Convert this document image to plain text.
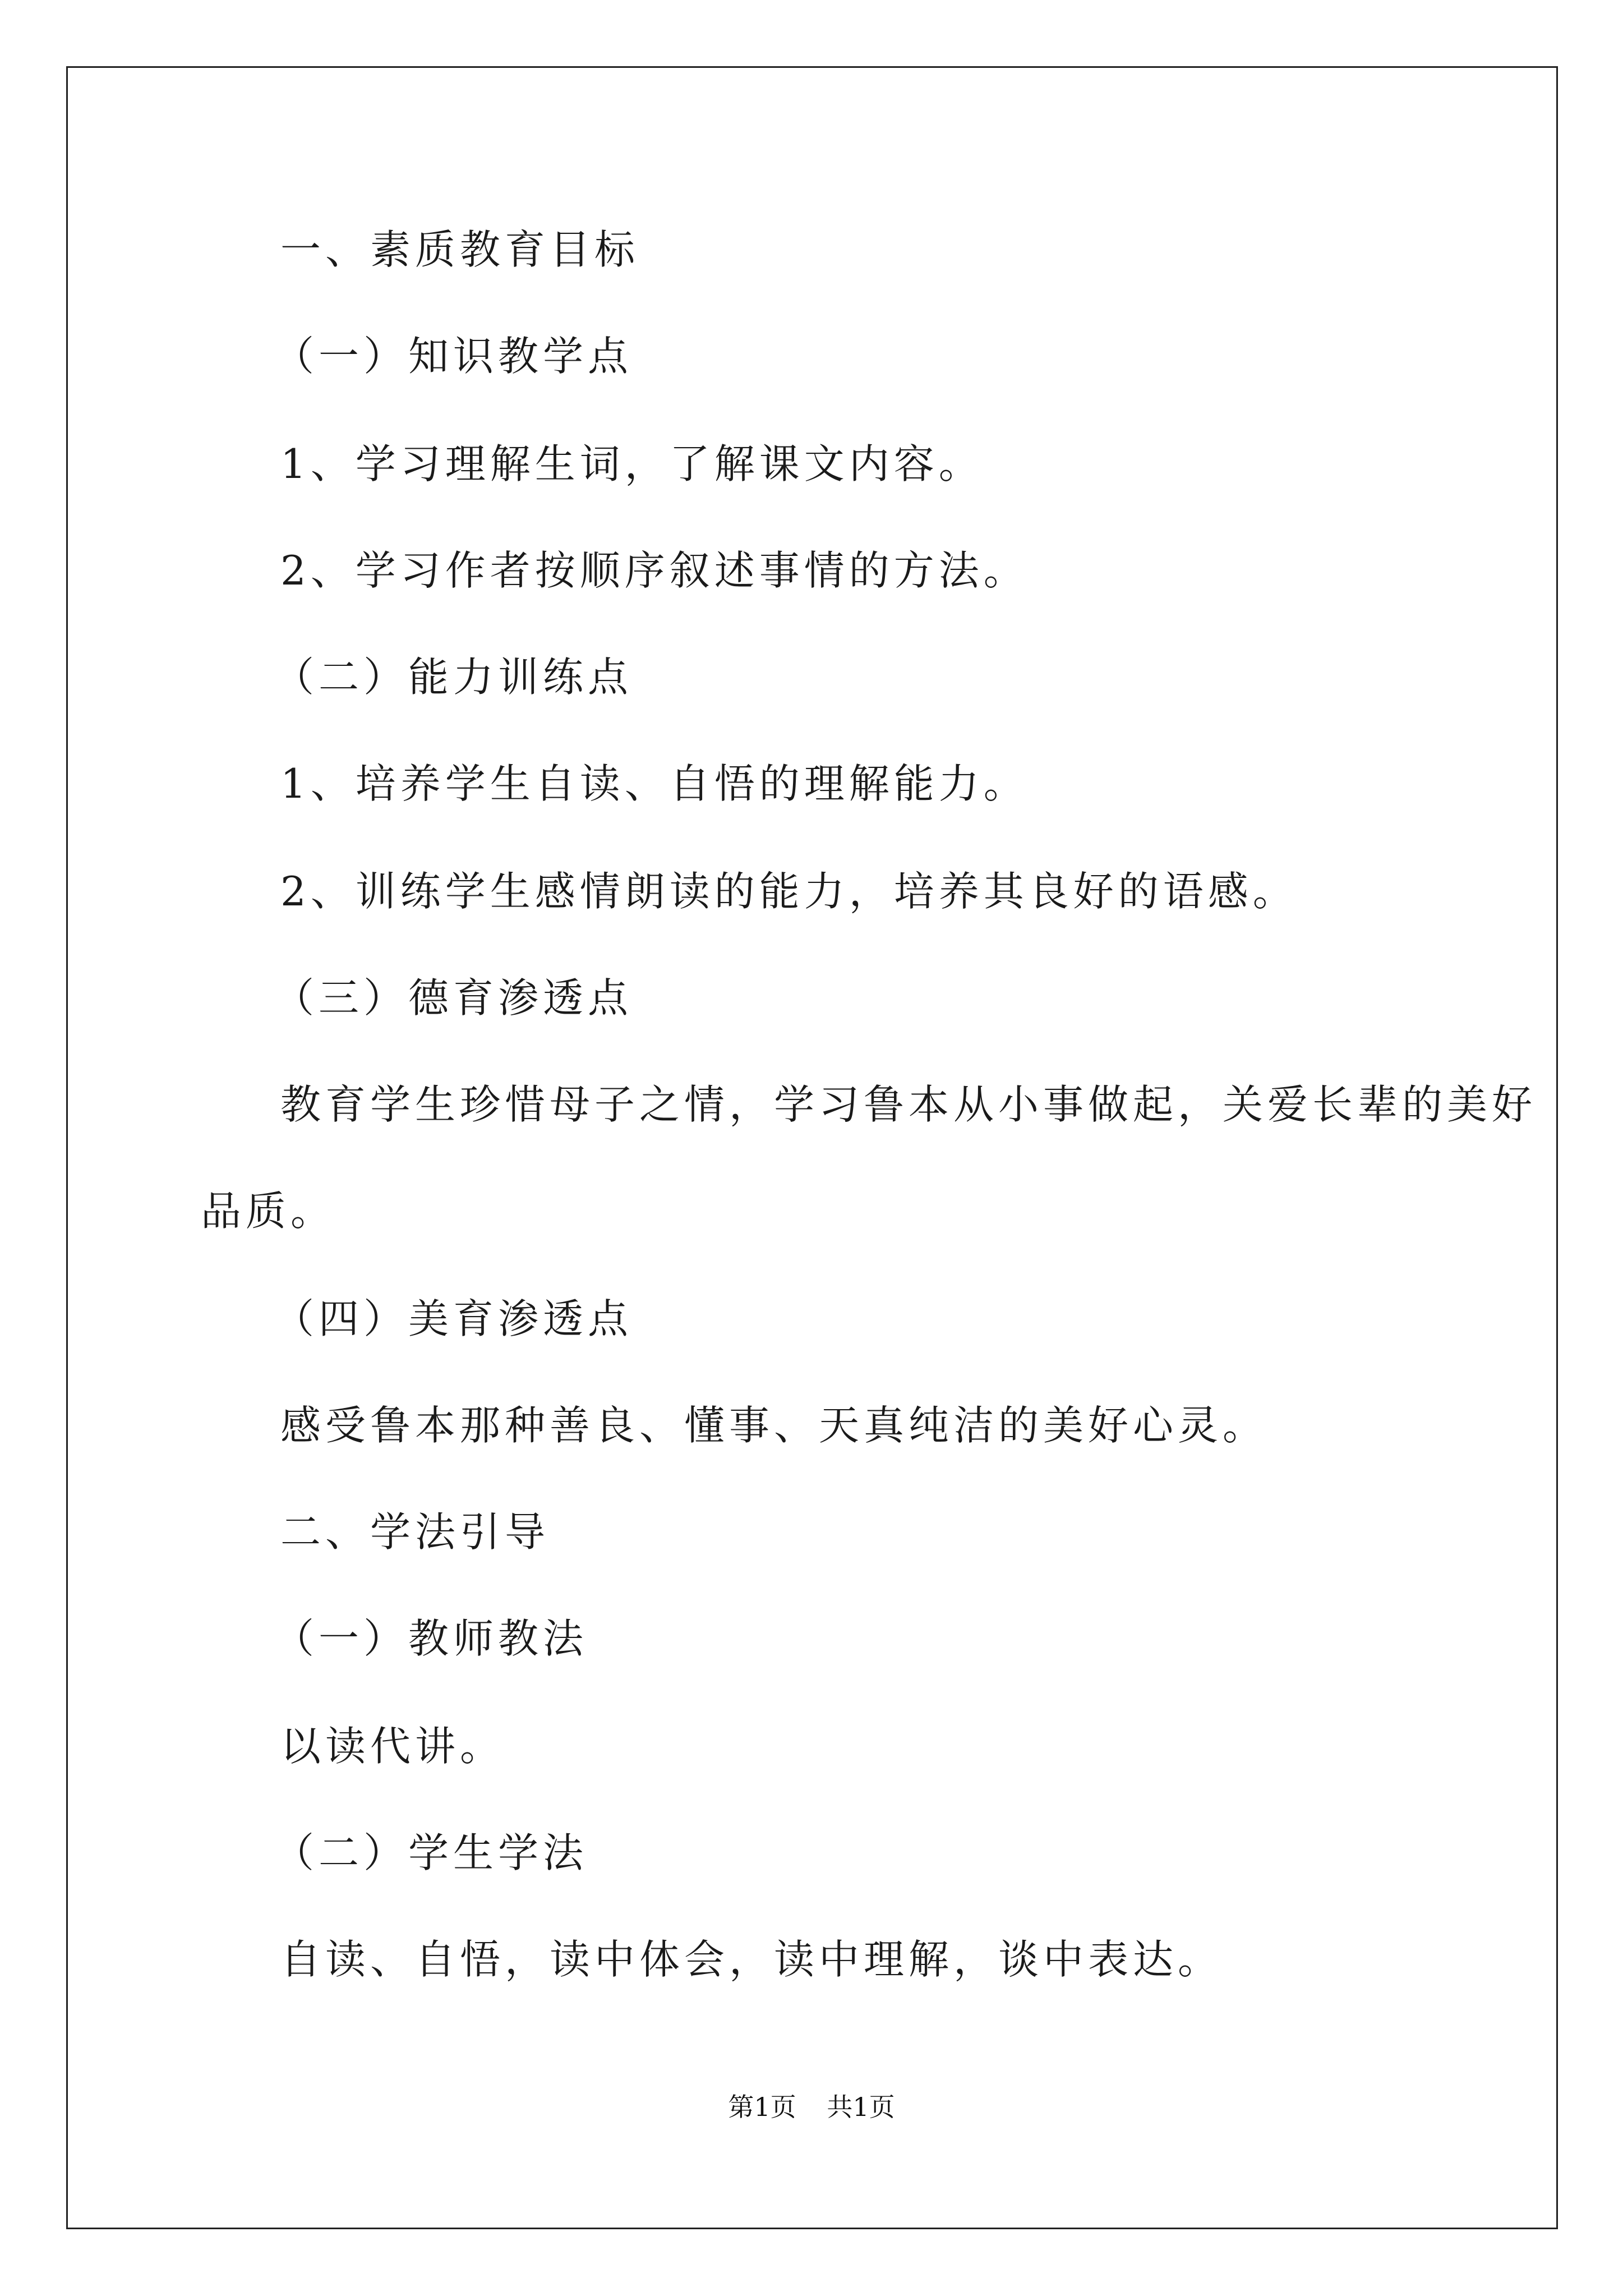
一、素质教育目标
（一）知识教学点
1、学习理解生词，了解课文内容。
2、学习作者按顺序叙述事情的方法。
（二）能力训练点
1、培养学生自读、自悟的理解能力。
2、训练学生感情朗读的能力，培养其良好的语感。
（三）德育渗透点
教育学生珍惜母子之情，学习鲁本从小事做起，关爱长辈的美好
品质。
（四）美育渗透点
感受鲁本那种善良、懂事、天真纯洁的美好心灵。
二、学法引导
（一）教师教法
以读代讲。
（二）学生学法
自读、自悟，读中体会，读中理解，谈中表达。
第1页 共1页
